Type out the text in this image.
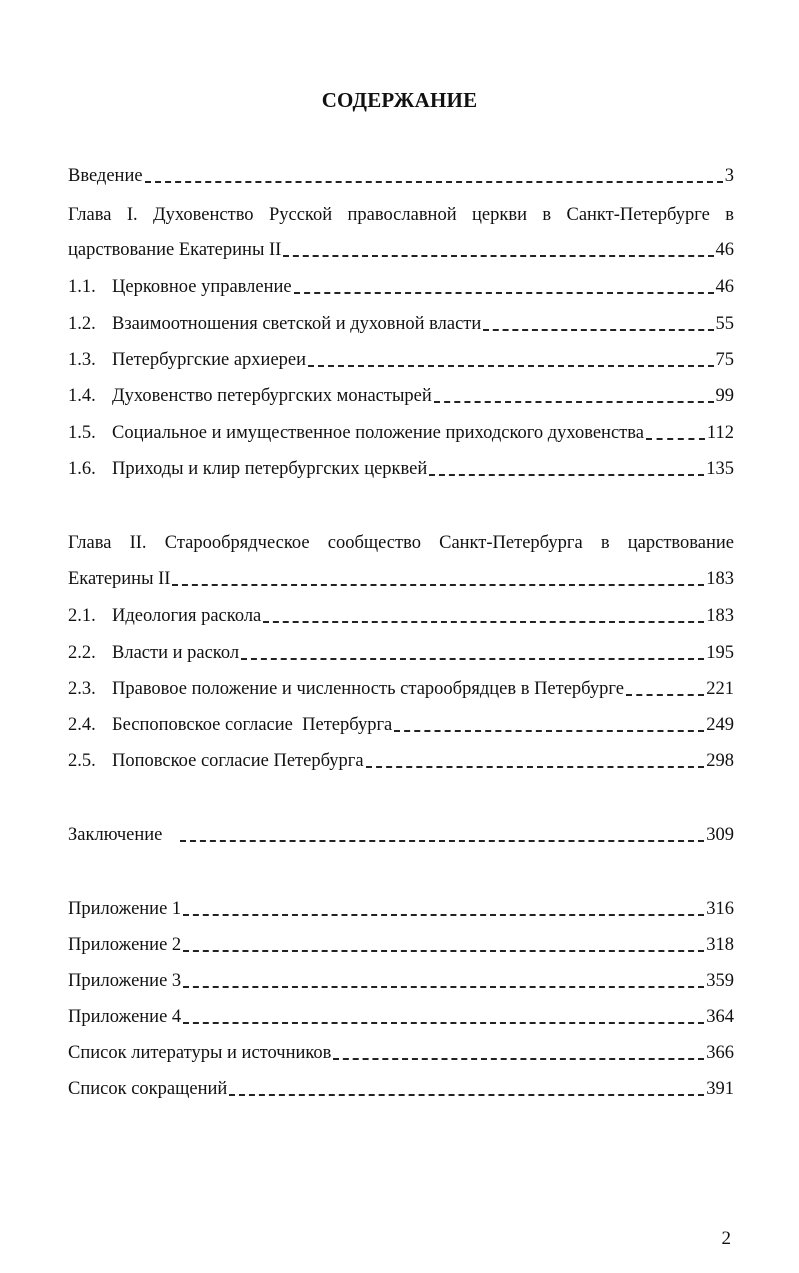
СОДЕРЖАНИЕ
Введение	3
Глава I. Духовенство Русской православной церкви в Санкт-Петербурге в
царствование Екатерины II	46
1.1. Церковное управление	46
1.2. Взаимоотношения светской и духовной власти	55
1.3. Петербургские архиереи	75
1.4. Духовенство петербургских монастырей	99
1.5. Социальное и имущественное положение приходского духовенства	112
1.6. Приходы и клир петербургских церквей	135
Глава II. Старообрядческое сообщество Санкт-Петербурга в царствование
Екатерины II	183
2.1. Идеология раскола	183
2.2. Власти и раскол	195
2.3. Правовое положение и численность старообрядцев в Петербурге	221
2.4. Беспоповское согласие  Петербурга	249
2.5. Поповское согласие Петербурга	298
Заключение	309
Приложение 1	316
Приложение 2	318
Приложение 3	359
Приложение 4	364
Список литературы и источников	366
Список сокращений	391
2
